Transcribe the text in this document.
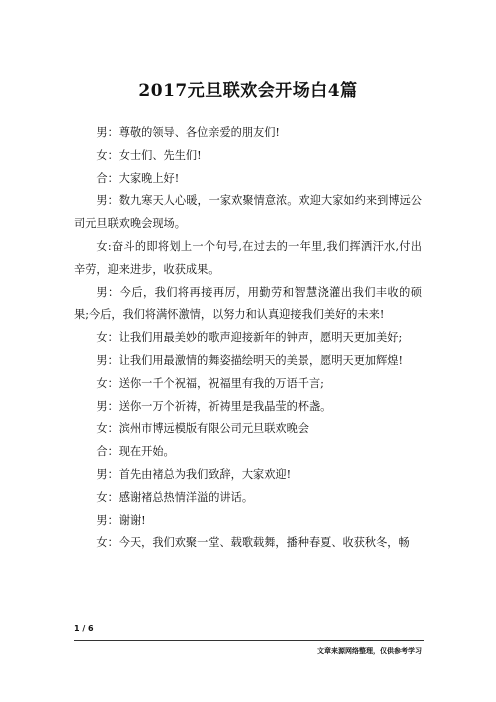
2017元旦联欢会开场白4篇

男：尊敬的领导、各位亲爱的朋友们!

女：女士们、先生们!

合：大家晚上好!

男：数九寒天人心暖，一家欢聚情意浓。欢迎大家如约来到博远公司元旦联欢晚会现场。

女:奋斗的即将划上一个句号,在过去的一年里,我们挥洒汗水,付出辛劳，迎来进步，收获成果。

男：今后，我们将再接再厉，用勤劳和智慧浇灌出我们丰收的硕果;今后，我们将满怀激情，以努力和认真迎接我们美好的未来!

女：让我们用最美妙的歌声迎接新年的钟声，愿明天更加美好;

男：让我们用最激情的舞姿描绘明天的美景，愿明天更加辉煌!

女：送你一千个祝福，祝福里有我的万语千言;

男：送你一万个祈祷，祈祷里是我晶莹的杯盏。

女：滨州市博远模版有限公司元旦联欢晚会

合：现在开始。

男：首先由褚总为我们致辞，大家欢迎!

女：感谢褚总热情洋溢的讲话。

男：谢谢!

女：今天，我们欢聚一堂、载歌载舞，播种春夏、收获秋冬，畅

1 / 6
文章来源网络整理，仅供参考学习
